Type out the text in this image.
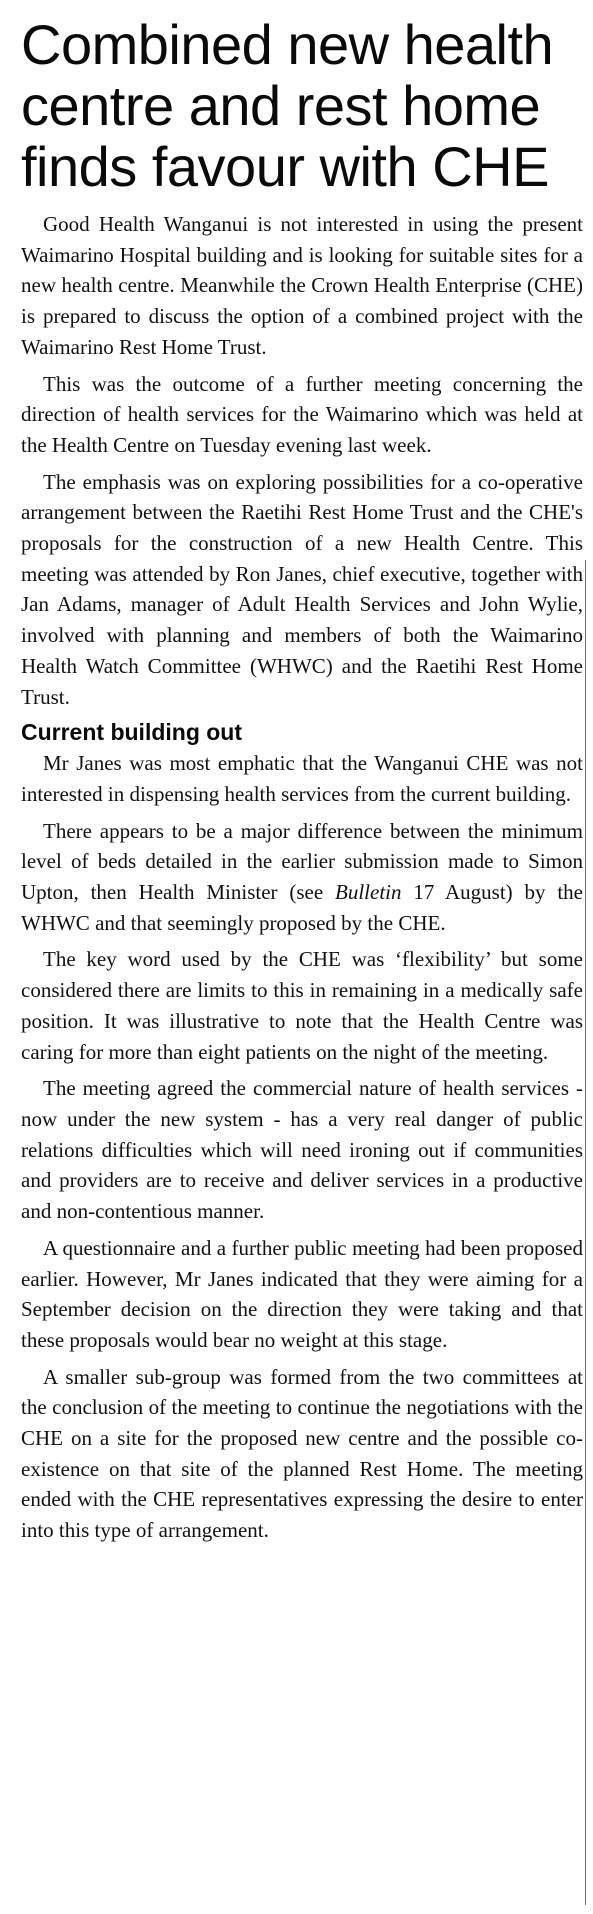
Combined new health centre and rest home finds favour with CHE

Good Health Wanganui is not interested in using the present Waimarino Hospital building and is looking for suitable sites for a new health centre. Meanwhile the Crown Health Enterprise (CHE) is prepared to discuss the option of a combined project with the Waimarino Rest Home Trust.

This was the outcome of a further meeting concerning the direction of health services for the Waimarino which was held at the Health Centre on Tuesday evening last week.

The emphasis was on exploring possibilities for a co-operative arrangement between the Raetihi Rest Home Trust and the CHE's proposals for the construction of a new Health Centre. This meeting was attended by Ron Janes, chief executive, together with Jan Adams, manager of Adult Health Services and John Wylie, involved with planning and members of both the Waimarino Health Watch Committee (WHWC) and the Raetihi Rest Home Trust.

Current building out

Mr Janes was most emphatic that the Wanganui CHE was not interested in dispensing health services from the current building.

There appears to be a major difference between the minimum level of beds detailed in the earlier submission made to Simon Upton, then Health Minister (see Bulletin 17 August) by the WHWC and that seemingly proposed by the CHE.

The key word used by the CHE was ‘flexibility’ but some considered there are limits to this in remaining in a medically safe position. It was illustrative to note that the Health Centre was caring for more than eight patients on the night of the meeting.

The meeting agreed the commercial nature of health services - now under the new system - has a very real danger of public relations difficulties which will need ironing out if communities and providers are to receive and deliver services in a productive and non-contentious manner.

A questionnaire and a further public meeting had been proposed earlier. However, Mr Janes indicated that they were aiming for a September decision on the direction they were taking and that these proposals would bear no weight at this stage.

A smaller sub-group was formed from the two committees at the conclusion of the meeting to continue the negotiations with the CHE on a site for the proposed new centre and the possible co-existence on that site of the planned Rest Home. The meeting ended with the CHE representatives expressing the desire to enter into this type of arrangement.
